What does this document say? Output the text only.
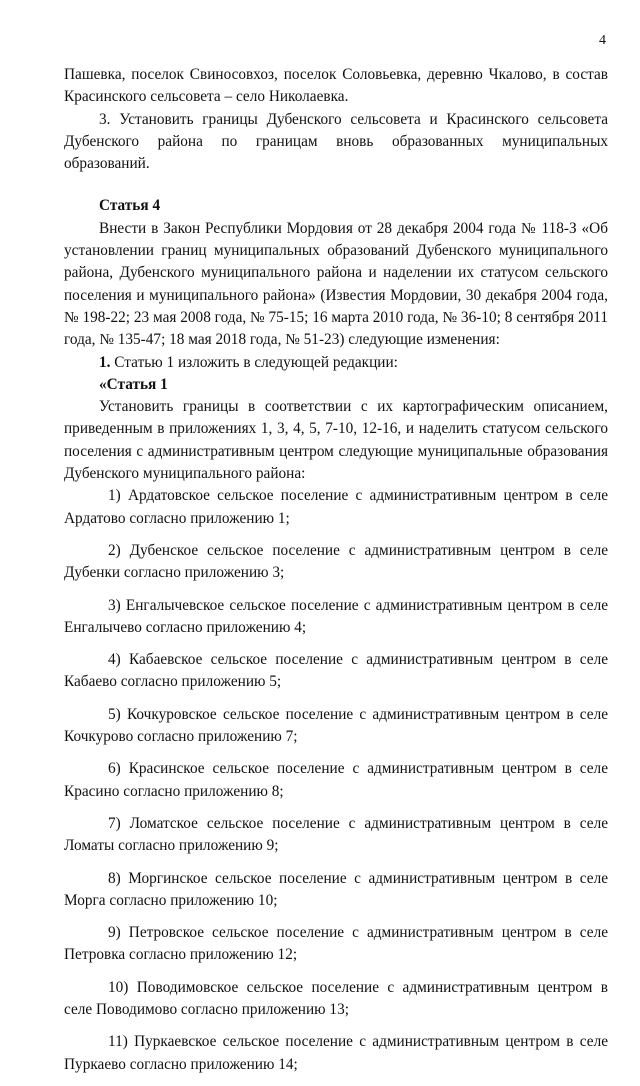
4

Пашевка, поселок Свиносовхоз, поселок Соловьевка, деревню Чкалово, в состав Красинского сельсовета – село Николаевка.

3. Установить границы Дубенского сельсовета и Красинского сельсовета Дубенского района по границам вновь образованных муниципальных образований.

Статья 4

Внести в Закон Республики Мордовия от 28 декабря 2004 года № 118-З «Об установлении границ муниципальных образований Дубенского муниципального района, Дубенского муниципального района и наделении их статусом сельского поселения и муниципального района» (Известия Мордовии, 30 декабря 2004 года, № 198-22; 23 мая 2008 года, № 75-15; 16 марта 2010 года, № 36-10; 8 сентября 2011 года, № 135-47; 18 мая 2018 года, № 51-23) следующие изменения:

1. Статью 1 изложить в следующей редакции:

«Статья 1

Установить границы в соответствии с их картографическим описанием, приведенным в приложениях 1, 3, 4, 5, 7-10, 12-16, и наделить статусом сельского поселения с административным центром следующие муниципальные образования Дубенского муниципального района:

1) Ардатовское сельское поселение с административным центром в селе Ардатово согласно приложению 1;

2) Дубенское сельское поселение с административным центром в селе Дубенки согласно приложению 3;

3) Енгалычевское сельское поселение с административным центром в селе Енгалычево согласно приложению 4;

4) Кабаевское сельское поселение с административным центром в селе Кабаево согласно приложению 5;

5) Кочкуровское сельское поселение с административным центром в селе Кочкурово согласно приложению 7;

6) Красинское сельское поселение с административным центром в селе Красино согласно приложению 8;

7) Ломатское сельское поселение с административным центром в селе Ломаты согласно приложению 9;

8) Моргинское сельское поселение с административным центром в селе Морга согласно приложению 10;

9) Петровское сельское поселение с административным центром в селе Петровка согласно приложению 12;

10) Поводимовское сельское поселение с административным центром в селе Поводимово согласно приложению 13;

11) Пуркаевское сельское поселение с административным центром в селе Пуркаево согласно приложению 14;
